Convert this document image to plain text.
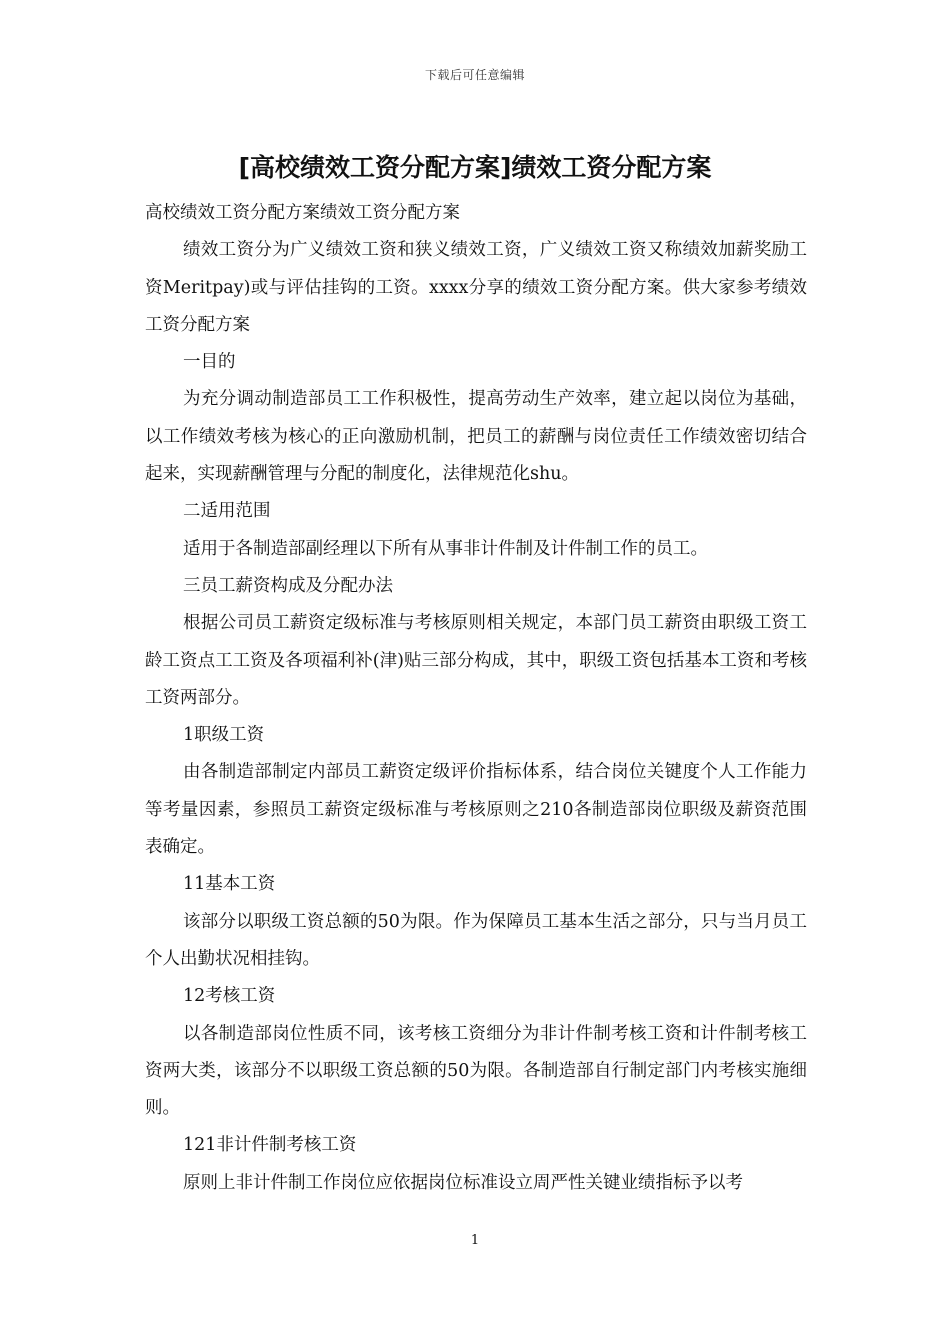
下载后可任意编辑
[高校绩效工资分配方案]绩效工资分配方案

高校绩效工资分配方案绩效工资分配方案

绩效工资分为广义绩效工资和狭义绩效工资，广义绩效工资又称绩效加薪奖励工资Meritpay)或与评估挂钩的工资。xxxx分享的绩效工资分配方案。供大家参考绩效工资分配方案

一目的

为充分调动制造部员工工作积极性，提高劳动生产效率，建立起以岗位为基础，以工作绩效考核为核心的正向激励机制，把员工的薪酬与岗位责任工作绩效密切结合起来，实现薪酬管理与分配的制度化，法律规范化shu。

二适用范围

适用于各制造部副经理以下所有从事非计件制及计件制工作的员工。

三员工薪资构成及分配办法

根据公司员工薪资定级标准与考核原则相关规定，本部门员工薪资由职级工资工龄工资点工工资及各项福利补(津)贴三部分构成，其中，职级工资包括基本工资和考核工资两部分。

1职级工资

由各制造部制定内部员工薪资定级评价指标体系，结合岗位关键度个人工作能力等考量因素，参照员工薪资定级标准与考核原则之210各制造部岗位职级及薪资范围表确定。

11基本工资

该部分以职级工资总额的50为限。作为保障员工基本生活之部分，只与当月员工个人出勤状况相挂钩。

12考核工资

以各制造部岗位性质不同，该考核工资细分为非计件制考核工资和计件制考核工资两大类，该部分不以职级工资总额的50为限。各制造部自行制定部门内考核实施细则。

121非计件制考核工资

原则上非计件制工作岗位应依据岗位标准设立周严性关键业绩指标予以考

1
